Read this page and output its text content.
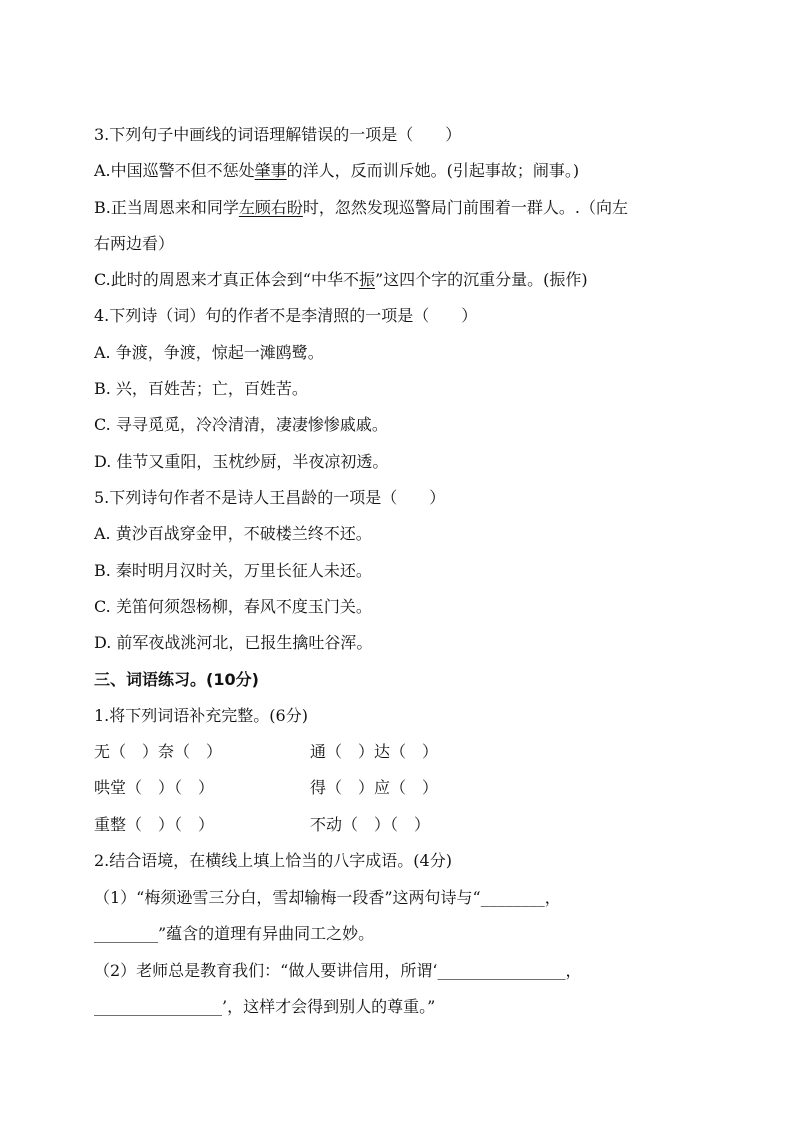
3.下列句子中画线的词语理解错误的一项是（　　）
A.中国巡警不但不惩处肇事的洋人，反而训斥她。(引起事故；闹事。)
B.正当周恩来和同学左顾右盼时，忽然发现巡警局门前围着一群人。.（向左
右两边看）
C.此时的周恩来才真正体会到“中华不振”这四个字的沉重分量。(振作)
4.下列诗（词）句的作者不是李清照的一项是（　　）
A. 争渡，争渡，惊起一滩鸥鹭。
B. 兴，百姓苦；亡，百姓苦。
C. 寻寻觅觅，冷冷清清，凄凄惨惨戚戚。
D. 佳节又重阳，玉枕纱厨，半夜凉初透。
5.下列诗句作者不是诗人王昌龄的一项是（　　）
A. 黄沙百战穿金甲，不破楼兰终不还。
B. 秦时明月汉时关，万里长征人未还。
C. 羌笛何须怨杨柳，春风不度玉门关。
D. 前军夜战洮河北，已报生擒吐谷浑。
三、词语练习。(10分)
1.将下列词语补充完整。(6分)
无（　）奈（　）	通（　）达（　）
哄堂（　）（　）	得（　）应（　）
重整（　）（　）	不动（　）（　）
2.结合语境，在横线上填上恰当的八字成语。(4分)
（1）“梅须逊雪三分白，雪却输梅一段香”这两句诗与“________，
________”蕴含的道理有异曲同工之妙。
（2）老师总是教育我们：“做人要讲信用，所谓‘________________，
________________’，这样才会得到别人的尊重。”
